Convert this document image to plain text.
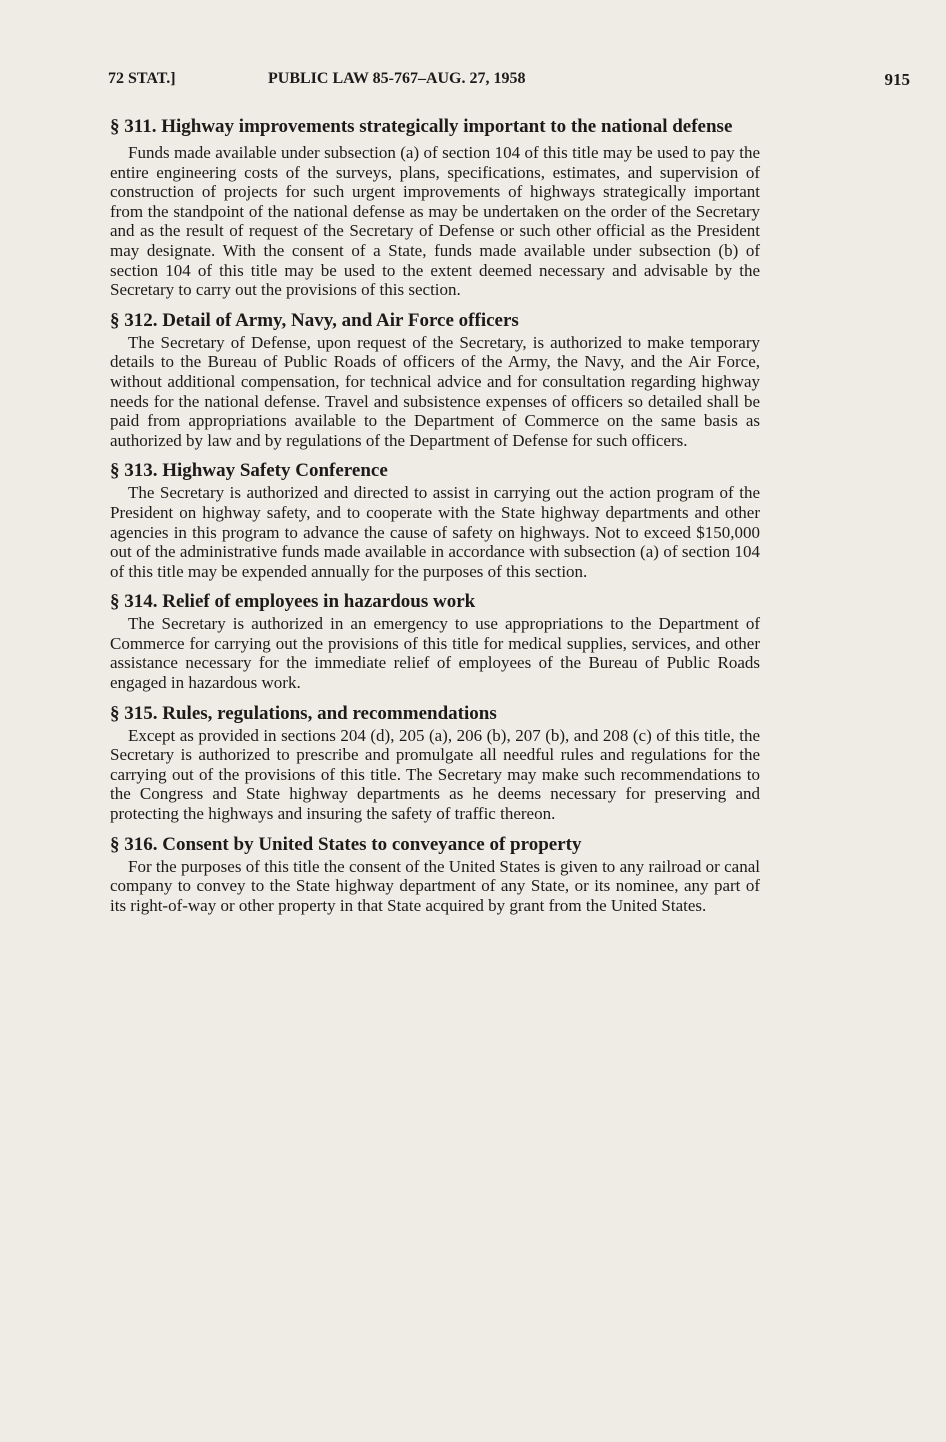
72 STAT.]	PUBLIC LAW 85-767–AUG. 27, 1958	915
§ 311. Highway improvements strategically important to the national defense

Funds made available under subsection (a) of section 104 of this title may be used to pay the entire engineering costs of the surveys, plans, specifications, estimates, and supervision of construction of projects for such urgent improvements of highways strategically important from the standpoint of the national defense as may be undertaken on the order of the Secretary and as the result of request of the Secretary of Defense or such other official as the President may designate. With the consent of a State, funds made available under subsection (b) of section 104 of this title may be used to the extent deemed necessary and advisable by the Secretary to carry out the provisions of this section.

§ 312. Detail of Army, Navy, and Air Force officers

The Secretary of Defense, upon request of the Secretary, is authorized to make temporary details to the Bureau of Public Roads of officers of the Army, the Navy, and the Air Force, without additional compensation, for technical advice and for consultation regarding highway needs for the national defense. Travel and subsistence expenses of officers so detailed shall be paid from appropriations available to the Department of Commerce on the same basis as authorized by law and by regulations of the Department of Defense for such officers.

§ 313. Highway Safety Conference

The Secretary is authorized and directed to assist in carrying out the action program of the President on highway safety, and to cooperate with the State highway departments and other agencies in this program to advance the cause of safety on highways. Not to exceed $150,000 out of the administrative funds made available in accordance with subsection (a) of section 104 of this title may be expended annually for the purposes of this section.

§ 314. Relief of employees in hazardous work

The Secretary is authorized in an emergency to use appropriations to the Department of Commerce for carrying out the provisions of this title for medical supplies, services, and other assistance necessary for the immediate relief of employees of the Bureau of Public Roads engaged in hazardous work.

§ 315. Rules, regulations, and recommendations

Except as provided in sections 204 (d), 205 (a), 206 (b), 207 (b), and 208 (c) of this title, the Secretary is authorized to prescribe and promulgate all needful rules and regulations for the carrying out of the provisions of this title. The Secretary may make such recommendations to the Congress and State highway departments as he deems necessary for preserving and protecting the highways and insuring the safety of traffic thereon.

§ 316. Consent by United States to conveyance of property

For the purposes of this title the consent of the United States is given to any railroad or canal company to convey to the State highway department of any State, or its nominee, any part of its right-of-way or other property in that State acquired by grant from the United States.
